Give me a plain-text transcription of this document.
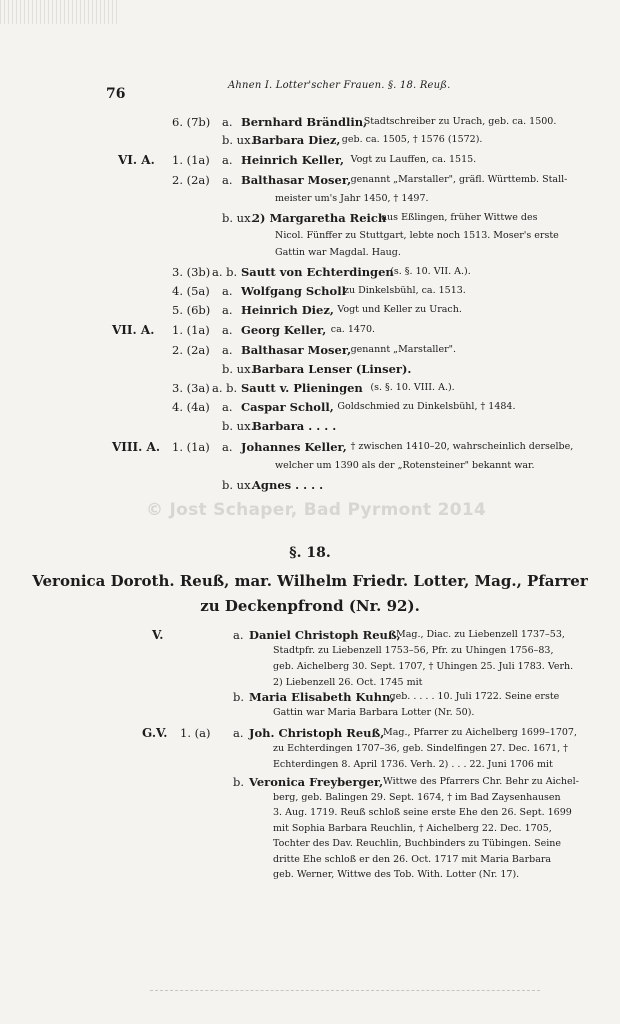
76
Ahnen I. Lotter'scher Frauen. §. 18. Reuß.
6. (7b) a. Bernhard Brändlin,
Stadtschreiber zu Urach, geb. ca. 1500.
b. ux.
Barbara Diez, geb. ca. 1505, † 1576 (1572).
VI. A. 1. (1a) a. Heinrich Keller, Vogt zu Lauffen, ca. 1515.
2. (2a) a. Balthasar Moser, genannt „Marstaller", gräfl. Württemb. Stall-
meister um's Jahr 1450, † 1497.
b. ux.
2) Margaretha Reich
aus Eßlingen, früher Wittwe des
Nicol. Fünffer zu Stuttgart, lebte noch 1513. Moser's erste
Gattin war Magdal. Haug.
3. (3b) a. b. Sautt von Echterdingen
(s. §. 10. VII. A.).
4. (5a) a. Wolfgang Scholl
zu Dinkelsbühl, ca. 1513.
5. (6b) a. Heinrich Diez, Vogt und Keller zu Urach.
VII. A. 1. (1a) a. Georg Keller, ca. 1470.
2. (2a) a. Balthasar Moser, genannt „Marstaller".
b. ux.
Barbara Lenser (Linser).
3. (3a) a. b. Sautt v. Plieningen (s. §. 10. VIII. A.).
4. (4a) a. Caspar Scholl, Goldschmied zu Dinkelsbühl, † 1484.
b. ux.
Barbara . . . .
VIII. A. 1. (1a) a. Johannes Keller, † zwischen 1410–20, wahrscheinlich derselbe,
welcher um 1390 als der „Rotensteiner" bekannt war.
b. ux.
Agnes . . . .
© Jost Schaper, Bad Pyrmont 2014
§. 18.
Veronica Doroth. Reuß, mar. Wilhelm Friedr. Lotter, Mag., Pfarrer
zu Deckenpfrond (Nr. 92).
V.	a. Daniel Christoph Reuß,
Mag., Diac. zu Liebenzell 1737–53,
Stadtpfr. zu Liebenzell 1753–56, Pfr. zu Uhingen 1756–83,
geb. Aichelberg 30. Sept. 1707, † Uhingen 25. Juli 1783. Verh.
2) Liebenzell 26. Oct. 1745 mit
b. Maria Elisabeth Kuhn,
geb. . . . . 10. Juli 1722. Seine erste
Gattin war Maria Barbara Lotter (Nr. 50).
G.V. 1. (a) a. Joh. Christoph Reuß,
Mag., Pfarrer zu Aichelberg 1699–1707,
zu Echterdingen 1707–36, geb. Sindelfingen 27. Dec. 1671, †
Echterdingen 8. April 1736. Verh. 2) . . . 22. Juni 1706 mit
b. Veronica Freyberger, Wittwe des Pfarrers Chr. Behr zu Aichel-
berg, geb. Balingen 29. Sept. 1674, † im Bad Zaysenhausen
3. Aug. 1719. Reuß schloß seine erste Ehe den 26. Sept. 1699
mit Sophia Barbara Reuchlin, † Aichelberg 22. Dec. 1705,
Tochter des Dav. Reuchlin, Buchbinders zu Tübingen. Seine
dritte Ehe schloß er den 26. Oct. 1717 mit Maria Barbara
geb. Werner, Wittwe des Tob. With. Lotter (Nr. 17).
